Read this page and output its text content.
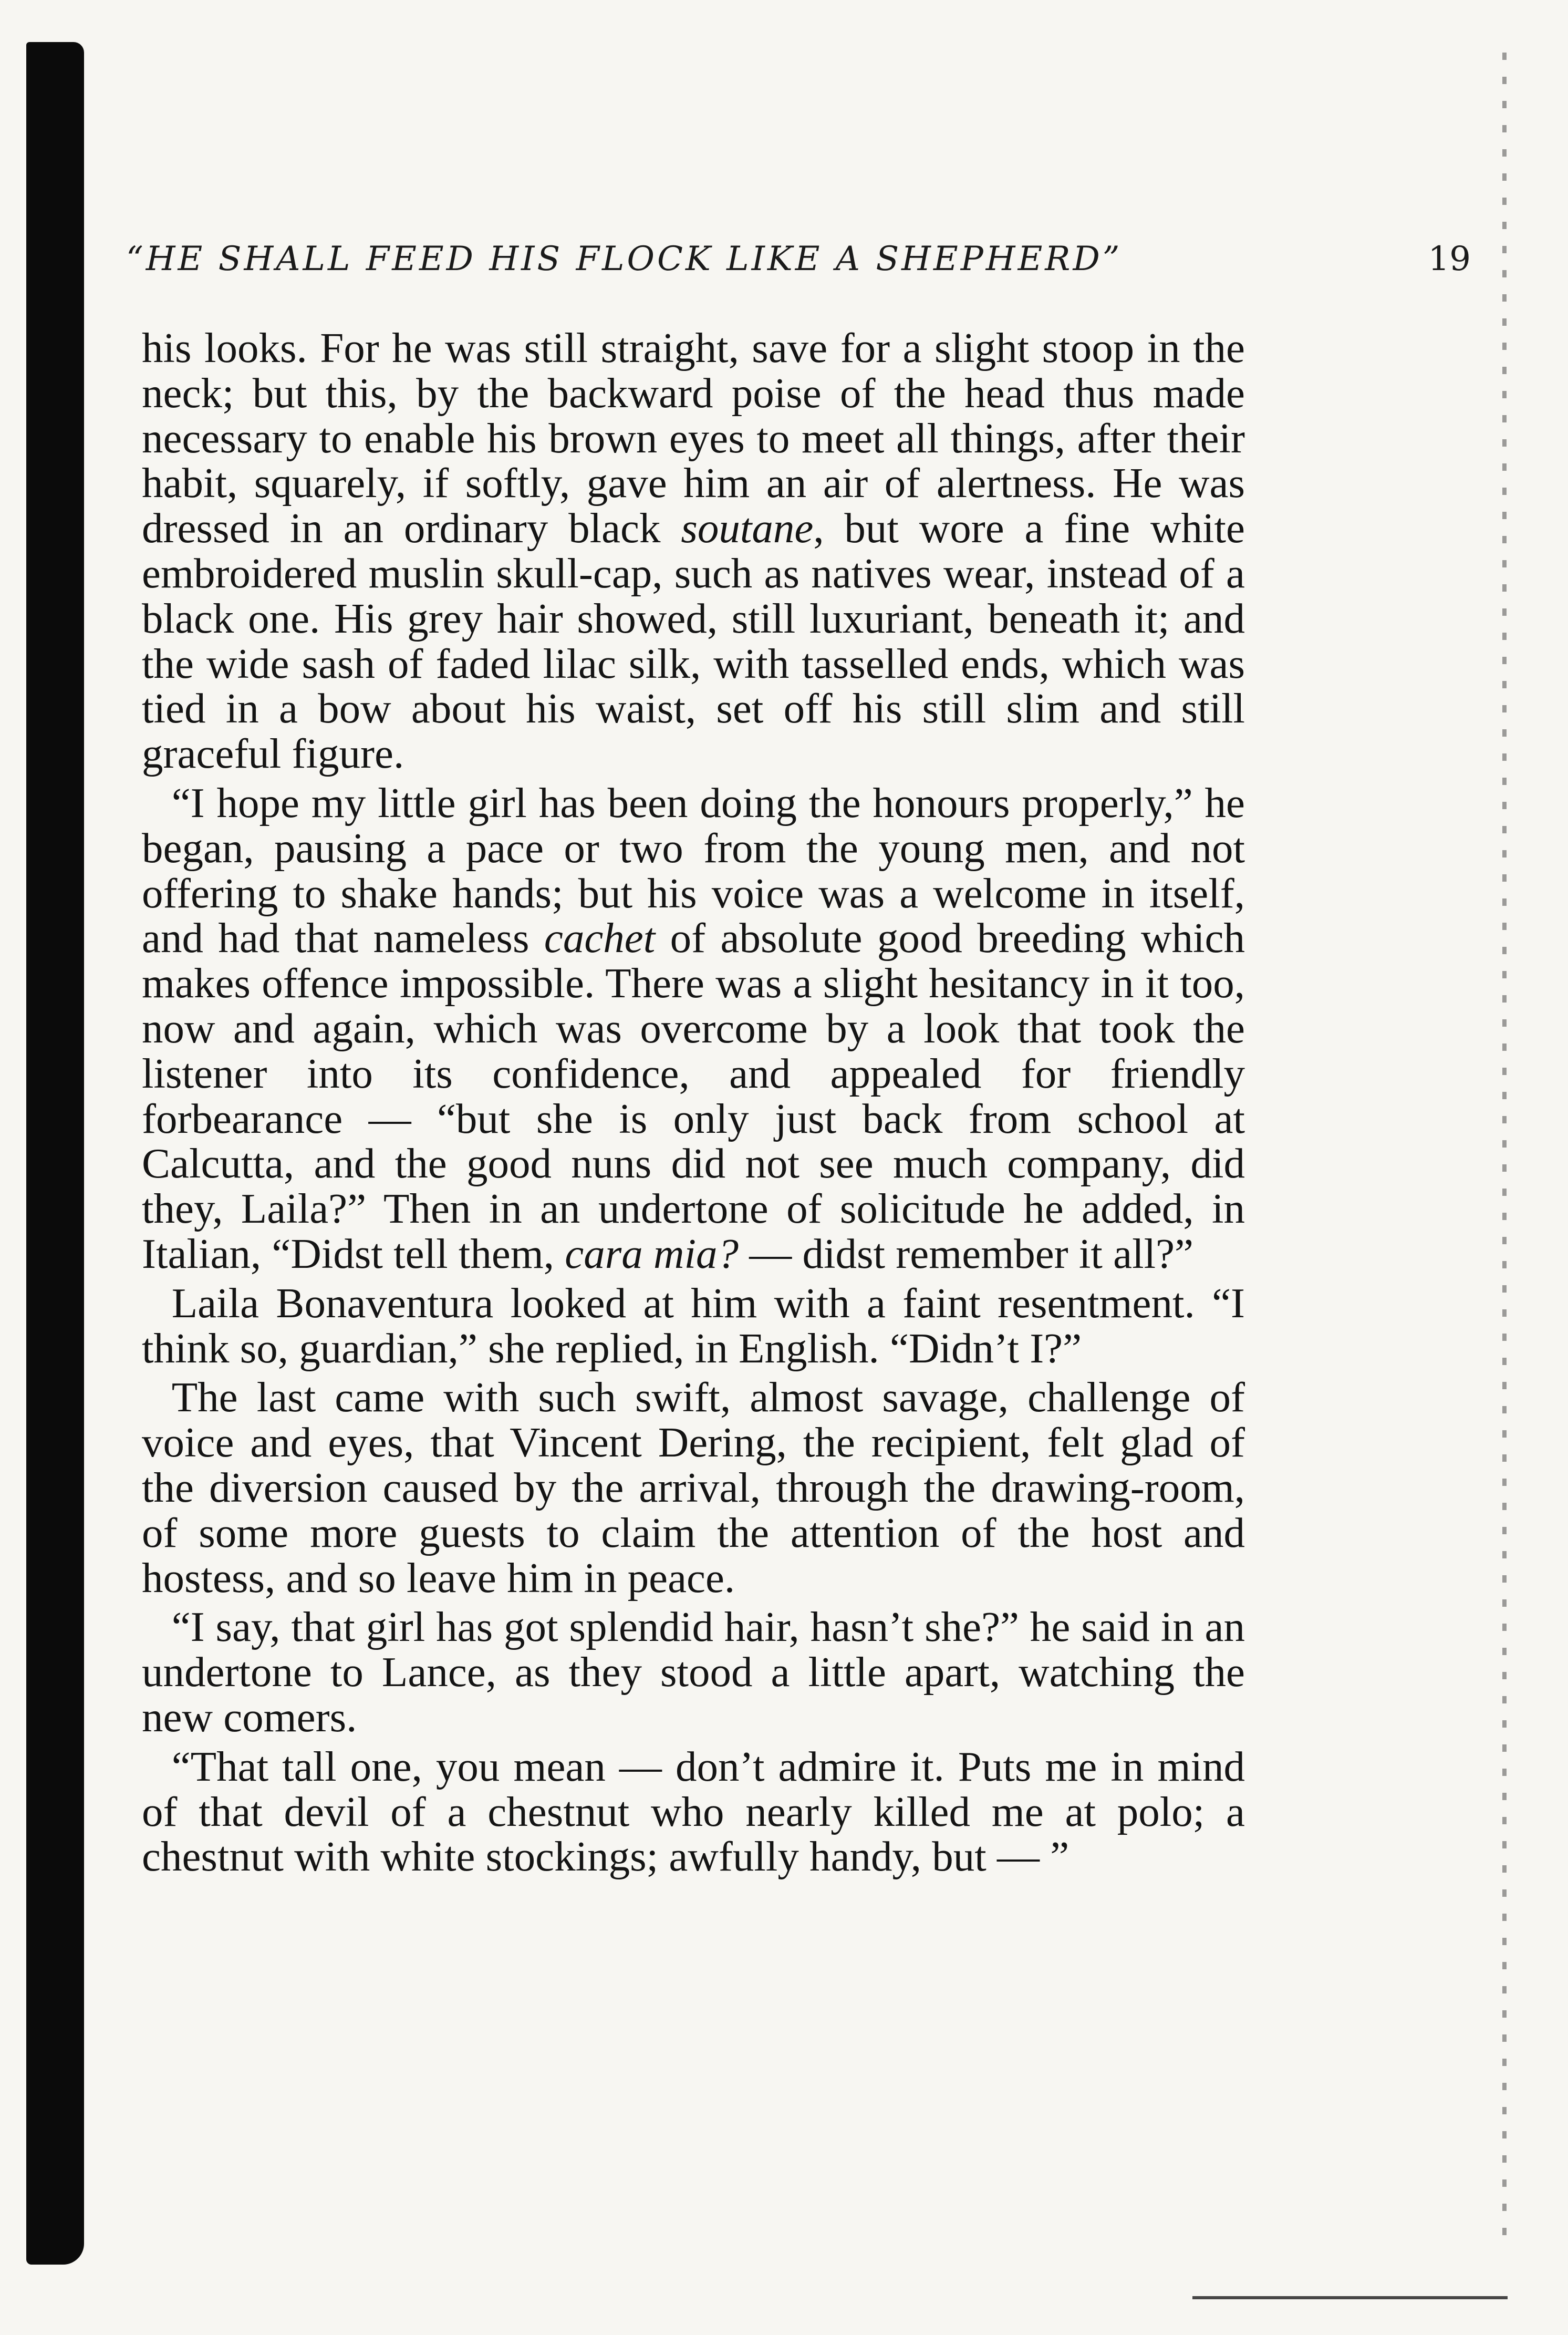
“HE SHALL FEED HIS FLOCK LIKE A SHEPHERD”	19

his looks. For he was still straight, save for a slight stoop in the neck; but this, by the backward poise of the head thus made necessary to enable his brown eyes to meet all things, after their habit, squarely, if softly, gave him an air of alertness. He was dressed in an ordinary black soutane, but wore a fine white embroidered muslin skull-cap, such as natives wear, instead of a black one. His grey hair showed, still luxuriant, beneath it; and the wide sash of faded lilac silk, with tasselled ends, which was tied in a bow about his waist, set off his still slim and still graceful figure.

“I hope my little girl has been doing the honours properly,” he began, pausing a pace or two from the young men, and not offering to shake hands; but his voice was a welcome in itself, and had that nameless cachet of absolute good breeding which makes offence impossible. There was a slight hesitancy in it too, now and again, which was overcome by a look that took the listener into its confidence, and appealed for friendly forbearance — “but she is only just back from school at Calcutta, and the good nuns did not see much company, did they, Laila?” Then in an undertone of solicitude he added, in Italian, “Didst tell them, cara mia? — didst remember it all?”

Laila Bonaventura looked at him with a faint resentment. “I think so, guardian,” she replied, in English. “Didn’t I?”

The last came with such swift, almost savage, challenge of voice and eyes, that Vincent Dering, the recipient, felt glad of the diversion caused by the arrival, through the drawing-room, of some more guests to claim the attention of the host and hostess, and so leave him in peace.

“I say, that girl has got splendid hair, hasn’t she?” he said in an undertone to Lance, as they stood a little apart, watching the new comers.

“That tall one, you mean — don’t admire it. Puts me in mind of that devil of a chestnut who nearly killed me at polo; a chestnut with white stockings; awfully handy, but — ”
